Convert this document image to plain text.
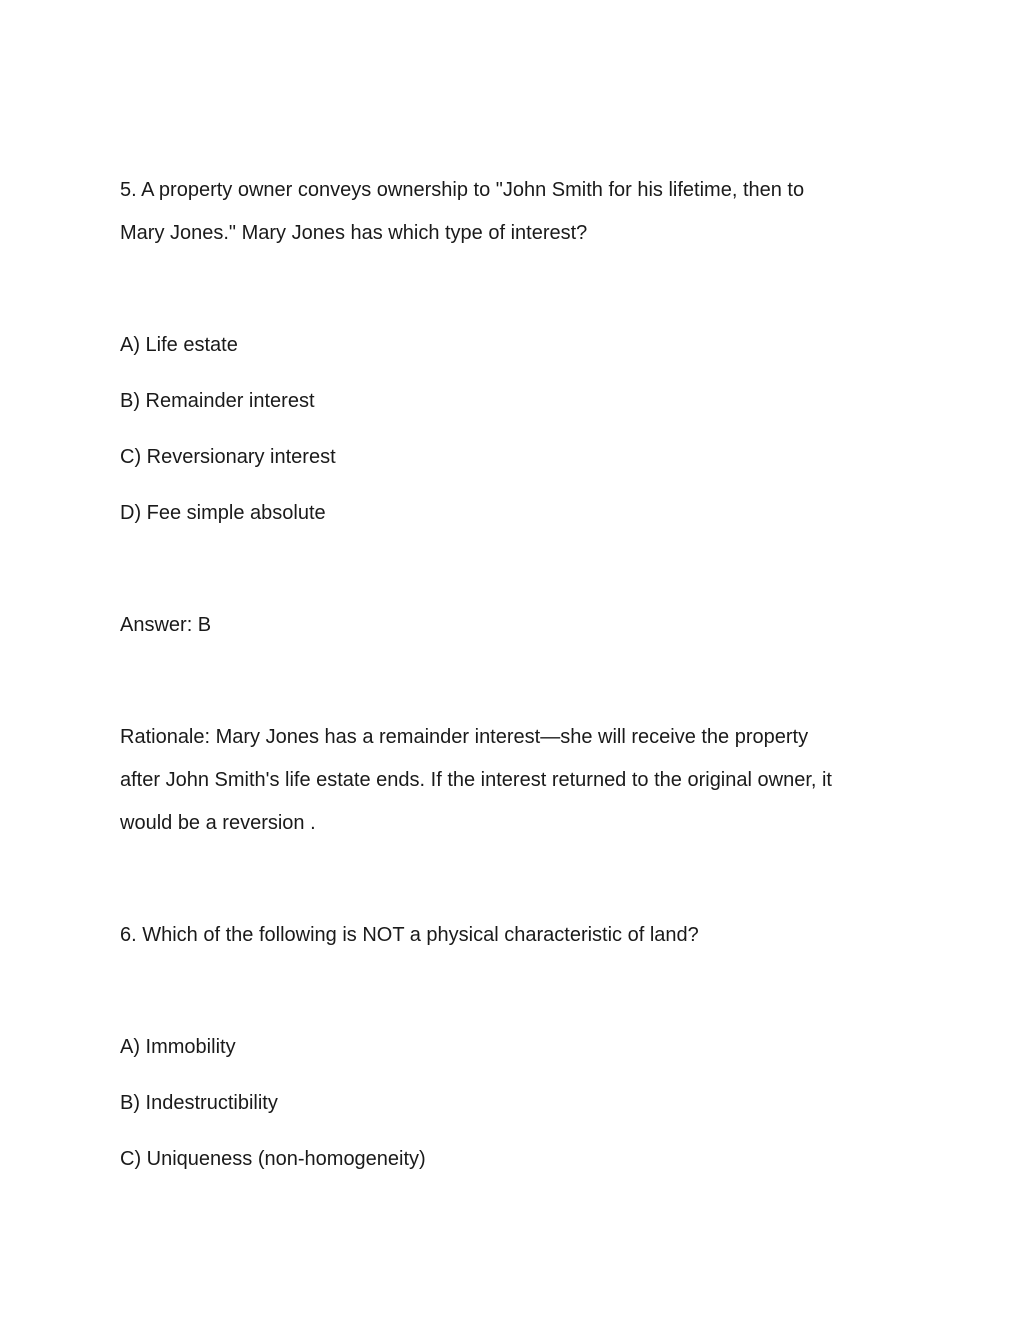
5. A property owner conveys ownership to "John Smith for his lifetime, then to
Mary Jones." Mary Jones has which type of interest?
A) Life estate
B) Remainder interest
C) Reversionary interest
D) Fee simple absolute
Answer: B
Rationale: Mary Jones has a remainder interest—she will receive the property
after John Smith's life estate ends. If the interest returned to the original owner, it
would be a reversion .
6. Which of the following is NOT a physical characteristic of land?
A) Immobility
B) Indestructibility
C) Uniqueness (non-homogeneity)
